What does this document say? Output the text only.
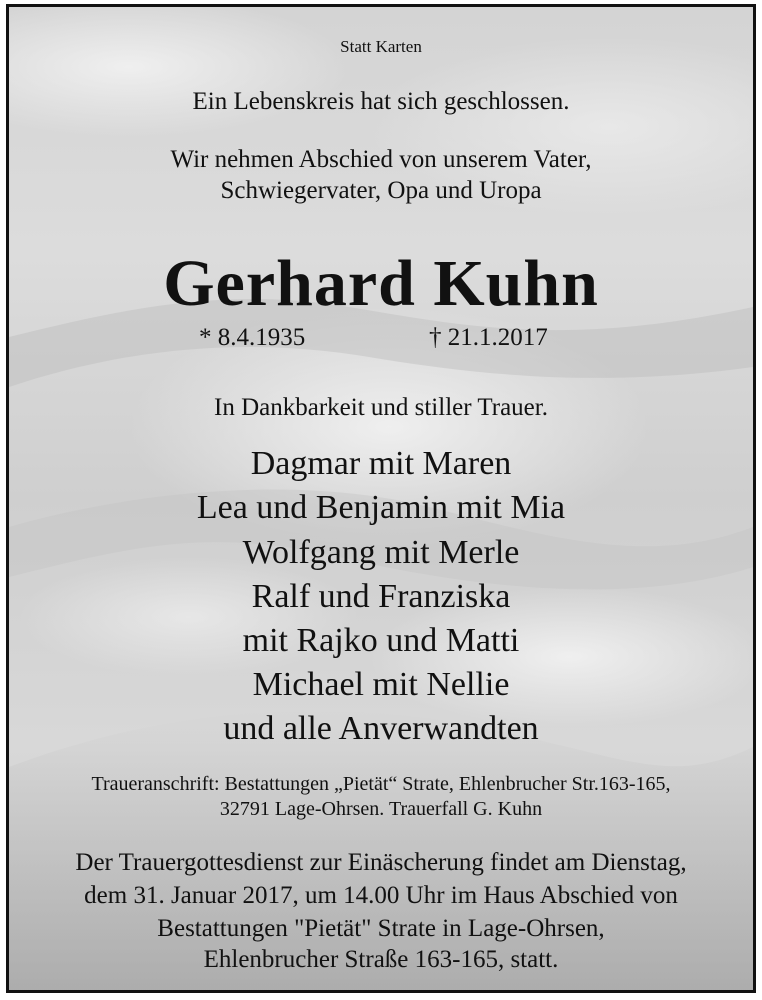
Statt Karten
Ein Lebenskreis hat sich geschlossen.
Wir nehmen Abschied von unserem Vater,
Schwiegervater, Opa und Uropa
Gerhard Kuhn
* 8.4.1935	† 21.1.2017
In Dankbarkeit und stiller Trauer.
Dagmar mit Maren
Lea und Benjamin mit Mia
Wolfgang mit Merle
Ralf und Franziska
mit Rajko und Matti
Michael mit Nellie
und alle Anverwandten
Traueranschrift: Bestattungen „Pietät“ Strate, Ehlenbrucher Str.163-165,
32791 Lage-Ohrsen. Trauerfall G. Kuhn
Der Trauergottesdienst zur Einäscherung findet am Dienstag,
dem 31. Januar 2017, um 14.00 Uhr im Haus Abschied von
Bestattungen "Pietät" Strate in Lage-Ohrsen,
Ehlenbrucher Straße 163-165, statt.
